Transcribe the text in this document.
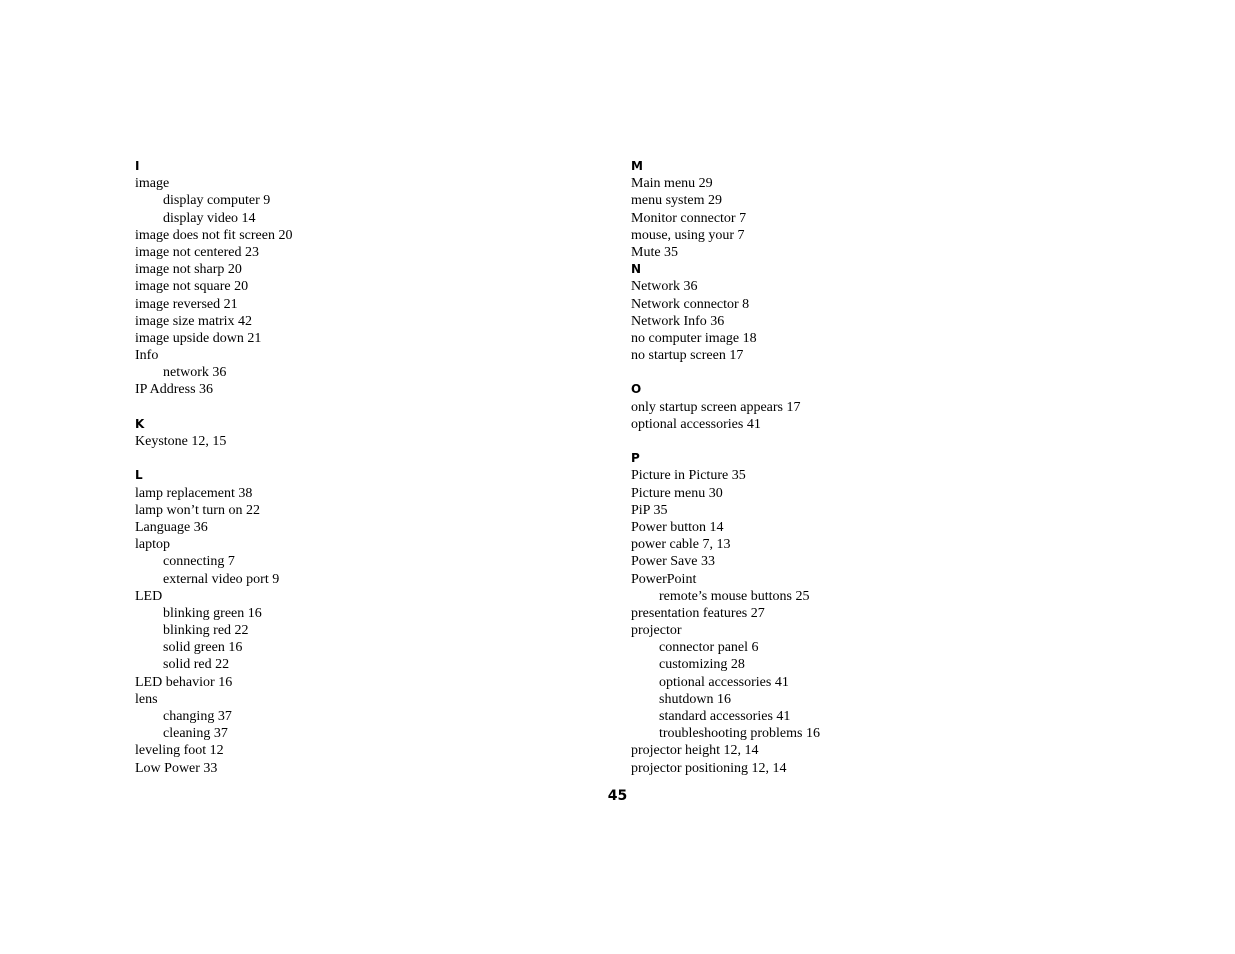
I
image
display computer 9
display video 14
image does not fit screen 20
image not centered 23
image not sharp 20
image not square 20
image reversed 21
image size matrix 42
image upside down 21
Info
network 36
IP Address 36
K
Keystone 12, 15
L
lamp replacement 38
lamp won’t turn on 22
Language 36
laptop
connecting 7
external video port 9
LED
blinking green 16
blinking red 22
solid green 16
solid red 22
LED behavior 16
lens
changing 37
cleaning 37
leveling foot 12
Low Power 33
M
Main menu 29
menu system 29
Monitor connector 7
mouse, using your 7
Mute 35
N
Network 36
Network connector 8
Network Info 36
no computer image 18
no startup screen 17
O
only startup screen appears 17
optional accessories 41
P
Picture in Picture 35
Picture menu 30
PiP 35
Power button 14
power cable 7, 13
Power Save 33
PowerPoint
remote’s mouse buttons 25
presentation features 27
projector
connector panel 6
customizing 28
optional accessories 41
shutdown 16
standard accessories 41
troubleshooting problems 16
projector height 12, 14
projector positioning 12, 14
45
